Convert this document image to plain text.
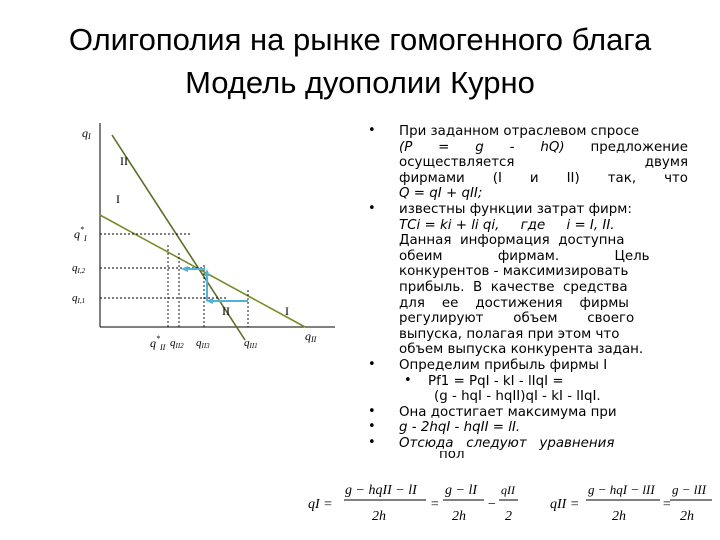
Олигополия на рынке гомогенного блага
Модель дуополии Курно
qI
qII
II
I
II	I
$q^*_I$
qI,2
qI,1
$q^*_{II}$ qII2 qII3	qII1
• При заданном отраслевом спросе
(P = g - hQ) предложение
осуществляется	двумя
фирмами (I и II) так, что
Q = qI + qII;
• известны функции затрат фирм:
TCi = ki + li qi,     где     i = I, II.
Данная  информация  доступна
обеим             фирмам.             Цель
конкурентов - максимизировать
прибыль.  В  качестве  средства
для    ее    достижения    фирмы
регулируют       объем       своего
выпуска, полагая при этом что
объем выпуска конкурента задан.
• Определим прибыль фирмы I
• Pf1 = PqI - kI - lIqI =
(g - hqI - hqII)qI - kI - lIqI.
• Она достигает максимума при
• g - 2hqI - hqII = lI.
• Отсюда   следуют   уравнения
пол
qI =
g − hqII − lI
2h
=
g − lI
2h
−
qII
2
qII =
g − hqI − lII
2h
=
g − lII
2h
